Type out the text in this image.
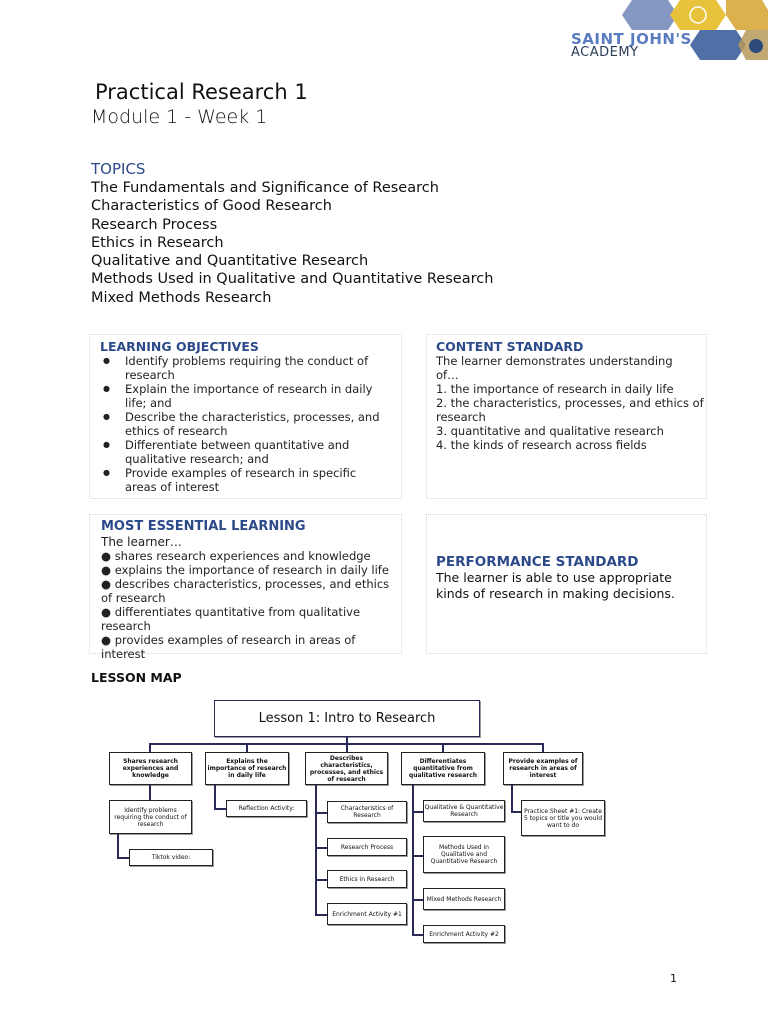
SAINT JOHN'S
ACADEMY
Practical Research 1
Module 1 - Week 1
TOPICS
The Fundamentals and Significance of Research
Characteristics of Good Research
Research Process
Ethics in Research
Qualitative and Quantitative Research
Methods Used in Qualitative and Quantitative Research
Mixed Methods Research
LEARNING OBJECTIVES
● Identify problems requiring the conduct of research
● Explain the importance of research in daily life; and
● Describe the characteristics, processes, and ethics of research
● Differentiate between quantitative and qualitative research; and
● Provide examples of research in specific areas of interest
CONTENT STANDARD
The learner demonstrates understanding of…
1. the importance of research in daily life
2. the characteristics, processes, and ethics of research
3. quantitative and qualitative research
4. the kinds of research across fields
MOST ESSENTIAL LEARNING
The learner…
● shares research experiences and knowledge
● explains the importance of research in daily life
● describes characteristics, processes, and ethics of research
● differentiates quantitative from qualitative research
● provides examples of research in areas of interest
PERFORMANCE STANDARD
The learner is able to use appropriate kinds of research in making decisions.
LESSON MAP
Lesson 1: Intro to Research
Shares research experiences and knowledge
Explains the importance of research in daily life
Describes characteristics, processes, and ethics of research
Differentiates quantitative from qualitative research
Provide examples of research in areas of interest
Identify problems requiring the conduct of research
Tiktok video:
Reflection Activity:	Characteristics of Research
Research Process
Ethics in Research
Enrichment Activity #1
Qualitative & Quantitative Research
Methods Used in Qualitative and Quantitative Research
Mixed Methods Research
Enrichment Activity #2
Practice Sheet #1: Create 5 topics or title you would want to do
1
